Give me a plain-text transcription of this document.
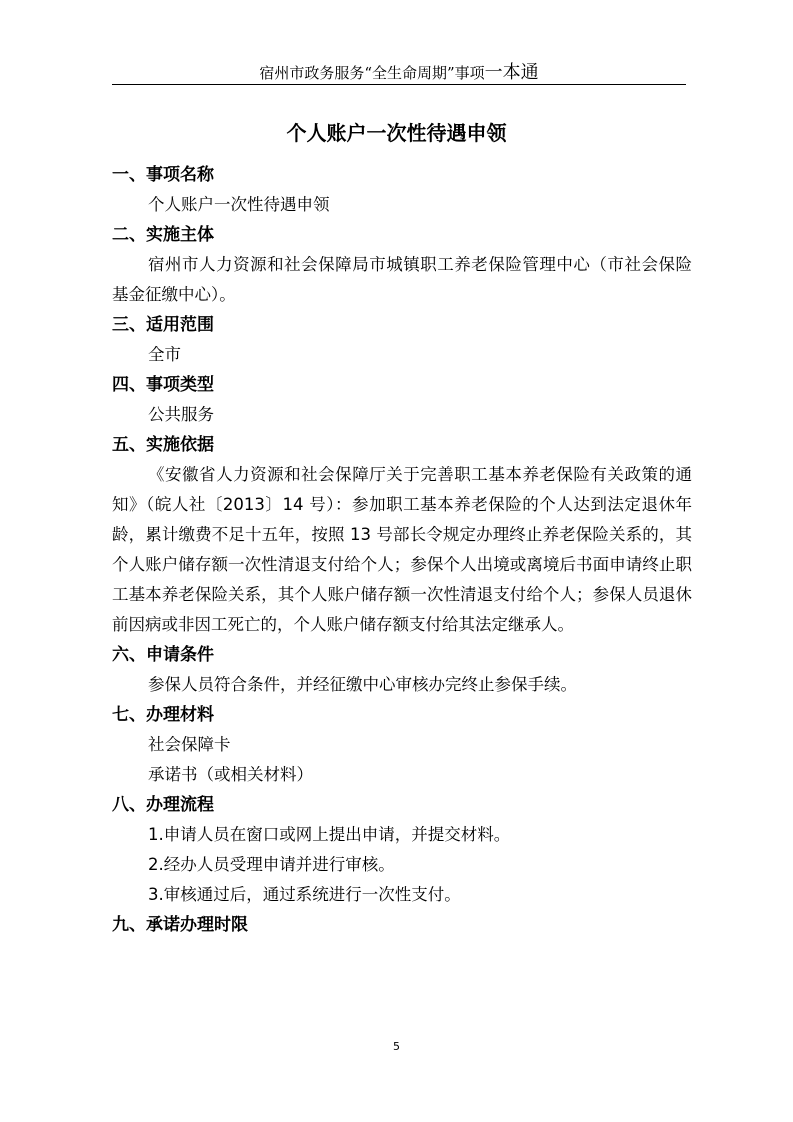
宿州市政务服务“全生命周期”事项一本通
个人账户一次性待遇申领
一、事项名称
个人账户一次性待遇申领
二、实施主体

宿州市人力资源和社会保障局市城镇职工养老保险管理中心（市社会保险基金征缴中心）。

三、适用范围
全市
四、事项类型
公共服务
五、实施依据

《安徽省人力资源和社会保障厅关于完善职工基本养老保险有关政策的通知》（皖人社〔2013〕14 号）：参加职工基本养老保险的个人达到法定退休年龄，累计缴费不足十五年，按照 13 号部长令规定办理终止养老保险关系的，其个人账户储存额一次性清退支付给个人；参保个人出境或离境后书面申请终止职工基本养老保险关系，其个人账户储存额一次性清退支付给个人；参保人员退休前因病或非因工死亡的，个人账户储存额支付给其法定继承人。

六、申请条件
参保人员符合条件，并经征缴中心审核办完终止参保手续。
七、办理材料
社会保障卡
承诺书（或相关材料）
八、办理流程
1.申请人员在窗口或网上提出申请，并提交材料。
2.经办人员受理申请并进行审核。
3.审核通过后，通过系统进行一次性支付。
九、承诺办理时限
5
